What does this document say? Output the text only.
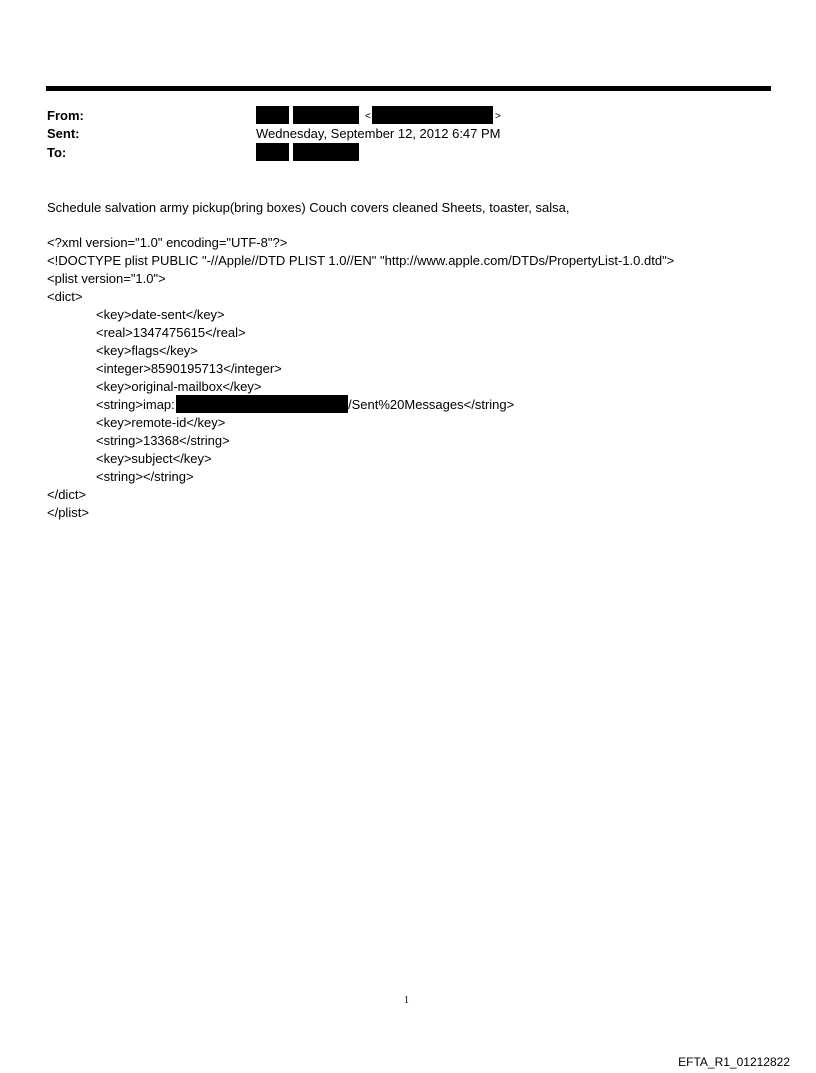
From:
Sent:
To:
<	>
Wednesday, September 12, 2012 6:47 PM
Schedule salvation army pickup(bring boxes) Couch covers cleaned Sheets, toaster, salsa,
<?xml version="1.0" encoding="UTF-8"?>
<!DOCTYPE plist PUBLIC "-//Apple//DTD PLIST 1.0//EN" "http://www.apple.com/DTDs/PropertyList-1.0.dtd">
<plist version="1.0">
<dict>
<key>date-sent</key>
<real>1347475615</real>
<key>flags</key>
<integer>8590195713</integer>
<key>original-mailbox</key>
<string>imap:	/Sent%20Messages</string>
<key>remote-id</key>
<string>13368</string>
<key>subject</key>
<string></string>
</dict>
</plist>
1
EFTA_R1_01212822
